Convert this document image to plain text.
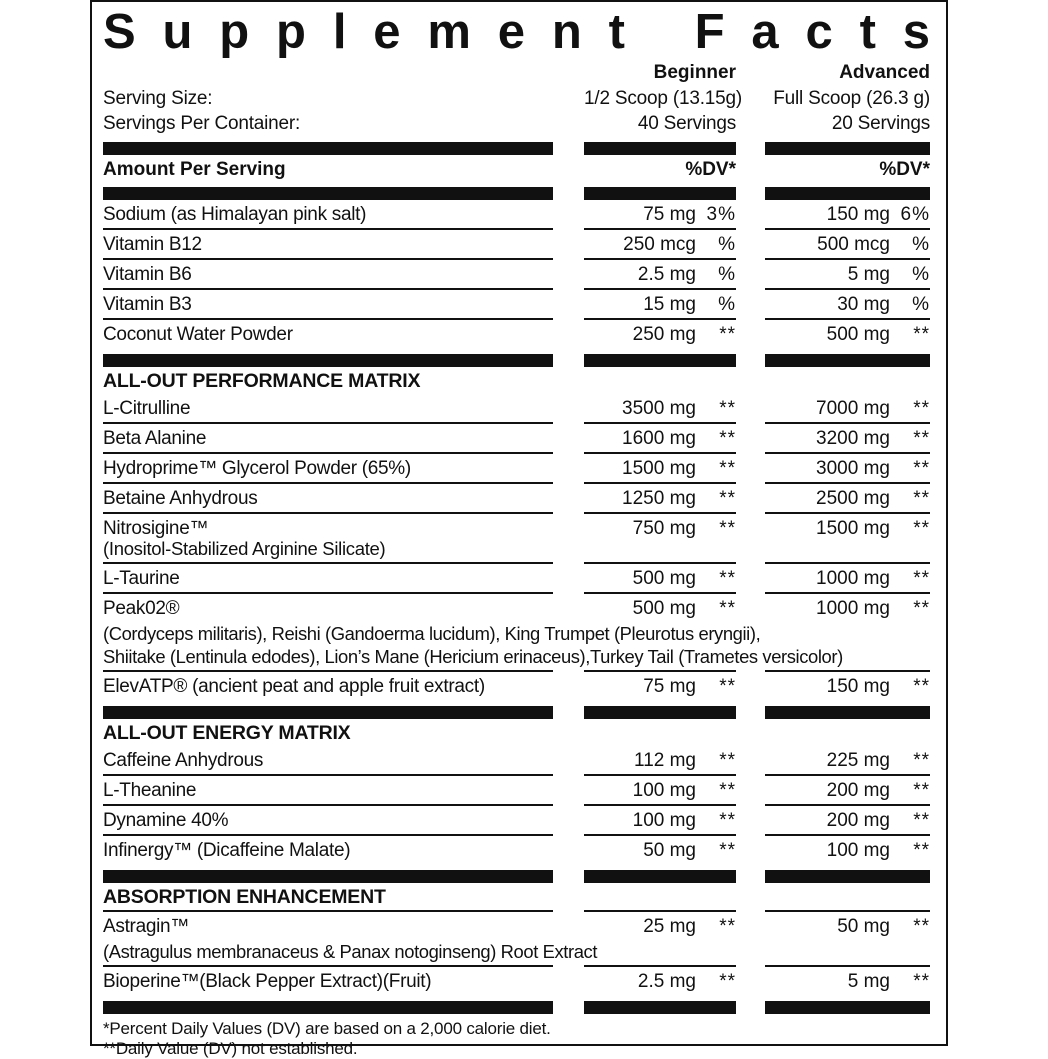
S u p p l e m e n t
F a c t s
Beginner	Advanced
Serving Size:	1/2 Scoop (13.15g)	Full Scoop (26.3 g)
Servings Per Container:	40 Servings	20 Servings
Amount Per Serving	%DV*	%DV*
Sodium (as Himalayan pink salt)	75 mg 3%	150 mg 6%
Vitamin B12	250 mcg	%	500 mcg	%
Vitamin B6	2.5 mg	%	5 mg	%
Vitamin B3	15 mg	%	30 mg	%
Coconut Water Powder	250 mg	**	500 mg	**
ALL-OUT PERFORMANCE MATRIX
L-Citrulline	3500 mg	**	7000 mg	**
Beta Alanine	1600 mg	**	3200 mg	**
Hydroprime™ Glycerol Powder (65%)	1500 mg	**	3000 mg	**
Betaine Anhydrous	1250 mg	**	2500 mg	**
Nitrosigine™
(Inositol-Stabilized Arginine Silicate)
750 mg	**	1500 mg	**
L-Taurine	500 mg	**	1000 mg	**
Peak02®	500 mg	**	1000 mg	**
(Cordyceps militaris), Reishi (Gandoerma lucidum), King Trumpet (Pleurotus eryngii),
Shiitake (Lentinula edodes), Lion’s Mane (Hericium erinaceus),Turkey Tail (Trametes versicolor)
ElevATP® (ancient peat and apple fruit extract)	75 mg	**	150 mg	**
ALL-OUT ENERGY MATRIX
Caffeine Anhydrous	112 mg	**	225 mg	**
L-Theanine	100 mg	**	200 mg	**
Dynamine 40%	100 mg	**	200 mg	**
Infinergy™ (Dicaffeine Malate)	50 mg	**	100 mg	**
ABSORPTION ENHANCEMENT
Astragin™	25 mg	**	50 mg	**
(Astragulus membranaceus & Panax notoginseng) Root Extract
Bioperine™(Black Pepper Extract)(Fruit)	2.5 mg	**	5 mg	**
*Percent Daily Values (DV) are based on a 2,000 calorie diet.
**Daily Value (DV) not established.
